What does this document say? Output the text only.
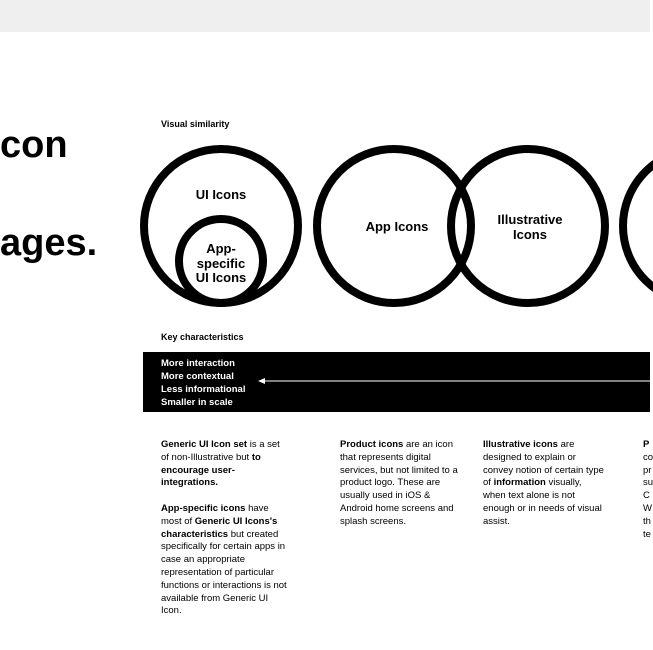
con
ages.
Visual similarity
UI Icons
App-
specific
UI Icons
App Icons	Illustrative
Icons
Key characteristics
More interaction
More contextual
Less informational
Smaller in scale

Generic UI Icon set is a set of non-Illustrative but to encourage user-integrations.

App-specific icons have most of Generic UI Icons's characteristics but created specifically for certain apps in case an appropriate representation of particular functions or interactions is not available from Generic UI Icon.

Product icons are an icon that represents digital services, but not limited to a product logo. These are usually used in iOS & Android home screens and splash screens.

Illustrative icons are designed to explain or convey notion of certain type of information visually, when text alone is not enough or in needs of visual assist.

P
co
pr
su
C
W
th
te
